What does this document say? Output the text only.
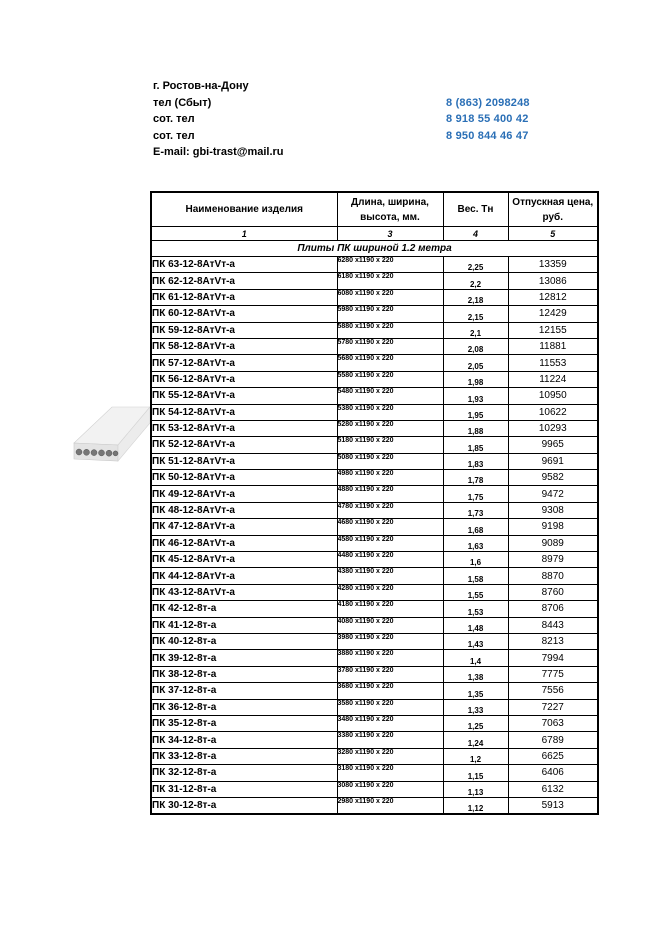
г. Ростов-на-Дону
тел (Сбыт)	8 (863) 2098248
сот. тел	8 918 55 400 42
сот. тел	8 950 844 46 47
E-mail: gbi-trast@mail.ru
Наименование изделия	Длина, ширина, высота, мм.	Вес. Тн	Отпускная цена, руб.
1	3	4	5
Плиты ПК шириной 1.2 метра			
ПК 63-12-8АтVт-а	6280 x1190 x 220	2,25	13359
ПК 62-12-8АтVт-а	6180 x1190 x 220	2,2	13086
ПК 61-12-8АтVт-а	6080 x1190 x 220	2,18	12812
ПК 60-12-8АтVт-а	5980 x1190 x 220	2,15	12429
ПК 59-12-8АтVт-а	5880 x1190 x 220	2,1	12155
ПК 58-12-8АтVт-а	5780 x1190 x 220	2,08	11881
ПК 57-12-8АтVт-а	5680 x1190 x 220	2,05	11553
ПК 56-12-8АтVт-а	5580 x1190 x 220	1,98	11224
ПК 55-12-8АтVт-а	5480 x1190 x 220	1,93	10950
ПК 54-12-8АтVт-а	5380 x1190 x 220	1,95	10622
ПК 53-12-8АтVт-а	5280 x1190 x 220	1,88	10293
ПК 52-12-8АтVт-а	5180 x1190 x 220	1,85	9965
ПК 51-12-8АтVт-а	5080 x1190 x 220	1,83	9691
ПК 50-12-8АтVт-а	4980 x1190 x 220	1,78	9582
ПК 49-12-8АтVт-а	4880 x1190 x 220	1,75	9472
ПК 48-12-8АтVт-а	4780 x1190 x 220	1,73	9308
ПК 47-12-8АтVт-а	4680 x1190 x 220	1,68	9198
ПК 46-12-8АтVт-а	4580 x1190 x 220	1,63	9089
ПК 45-12-8АтVт-а	4480 x1190 x 220	1,6	8979
ПК 44-12-8АтVт-а	4380 x1190 x 220	1,58	8870
ПК 43-12-8АтVт-а	4280 x1190 x 220	1,55	8760
ПК 42-12-8т-а	4180 x1190 x 220	1,53	8706
ПК 41-12-8т-а	4080 x1190 x 220	1,48	8443
ПК 40-12-8т-а	3980 x1190 x 220	1,43	8213
ПК 39-12-8т-а	3880 x1190 x 220	1,4	7994
ПК 38-12-8т-а	3780 x1190 x 220	1,38	7775
ПК 37-12-8т-а	3680 x1190 x 220	1,35	7556
ПК 36-12-8т-а	3580 x1190 x 220	1,33	7227
ПК 35-12-8т-а	3480 x1190 x 220	1,25	7063
ПК 34-12-8т-а	3380 x1190 x 220	1,24	6789
ПК 33-12-8т-а	3280 x1190 x 220	1,2	6625
ПК 32-12-8т-а	3180 x1190 x 220	1,15	6406
ПК 31-12-8т-а	3080 x1190 x 220	1,13	6132
ПК 30-12-8т-а	2980 x1190 x 220	1,12	5913
